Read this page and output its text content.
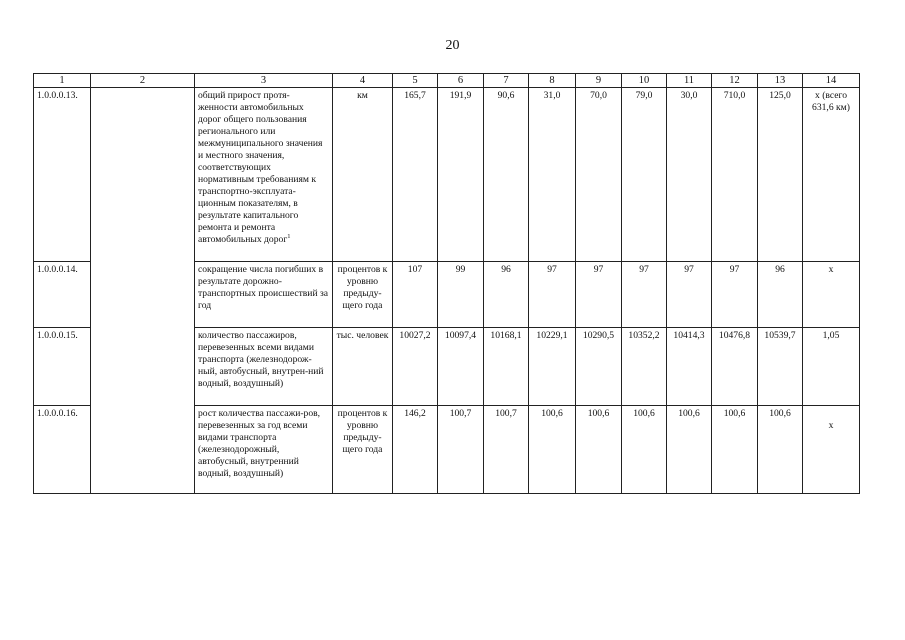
20
1	2	3	4	5	6	7	8	9	10	11	12	13	14
1.0.0.0.13.		общий прирост протя-женности автомобильных дорог общего пользования регионального или межмуниципального значения и местного значения, соответствующих нормативным требованиям к транспортно-эксплуата-ционным показателям, в результате капитального ремонта и ремонта автомобильных дорог$^1$	км	165,7	191,9	90,6	31,0	70,0	79,0	30,0	710,0	125,0	х (всего 631,6 км)
1.0.0.0.14.		сокращение числа погибших в результате дорожно-транспортных происшествий за год	процентов к уровню предыду-щего года	107	99	96	97	97	97	97	97	96	х
1.0.0.0.15.		количество пассажиров, перевезенных всеми видами транспорта (железнодорож-ный, автобусный, внутрен-ний водный, воздушный)	тыс. человек	10027,2	10097,4	10168,1	10229,1	10290,5	10352,2	10414,3	10476,8	10539,7	1,05
1.0.0.0.16.		рост количества пассажи-ров, перевезенных за год всеми видами транспорта (железнодорожный, автобусный, внутренний водный, воздушный)	процентов к уровню предыду-щего года	146,2	100,7	100,7	100,6	100,6	100,6	100,6	100,6	100,6	х
